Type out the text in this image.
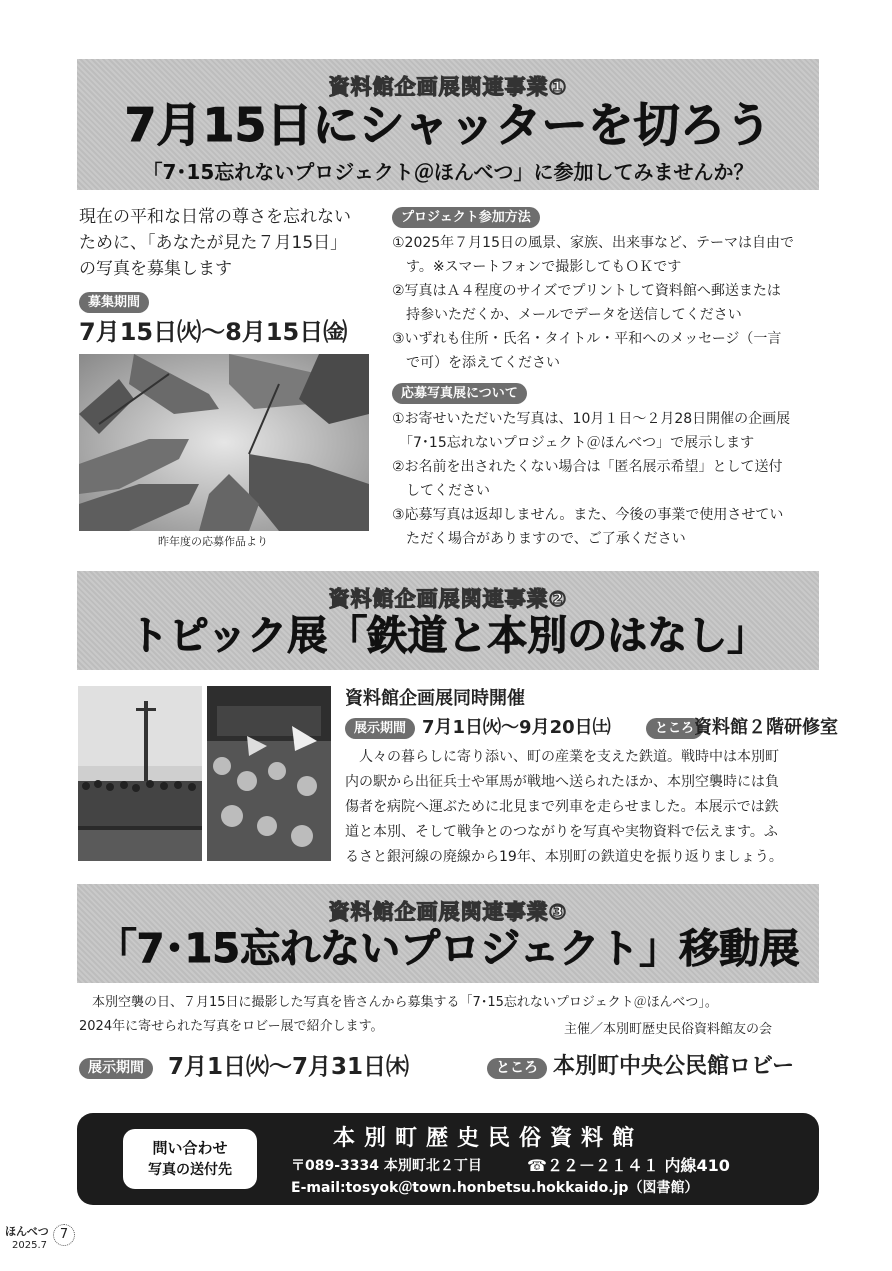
資料館企画展関連事業①
7月15日にシャッターを切ろう
「7･15忘れないプロジェクト＠ほんべつ」に参加してみませんか？
現在の平和な日常の尊さを忘れない
ために、「あなたが見た７月15日」
の写真を募集します
募集期間
7月15日㈫～8月15日㈮
昨年度の応募作品より
プロジェクト参加方法
①2025年７月15日の風景、家族、出来事など、テーマは自由で
　す。※スマートフォンで撮影してもＯＫです
②写真はＡ４程度のサイズでプリントして資料館へ郵送または
　持参いただくか、メールでデータを送信してください
③いずれも住所・氏名・タイトル・平和へのメッセージ（一言
　で可）を添えてください
応募写真展について
①お寄せいただいた写真は、10月１日～２月28日開催の企画展
　「7･15忘れないプロジェクト＠ほんべつ」で展示します
②お名前を出されたくない場合は「匿名展示希望」として送付
　してください
③応募写真は返却しません。また、今後の事業で使用させてい
　ただく場合がありますので、ご了承ください
資料館企画展関連事業②
トピック展「鉄道と本別のはなし」
資料館企画展同時開催
展示期間 7月1日㈫～9月20日㈯	ところ 資料館２階研修室
　人々の暮らしに寄り添い、町の産業を支えた鉄道。戦時中は本別町
内の駅から出征兵士や軍馬が戦地へ送られたほか、本別空襲時には負
傷者を病院へ運ぶために北見まで列車を走らせました。本展示では鉄
道と本別、そして戦争とのつながりを写真や実物資料で伝えます。ふ
るさと銀河線の廃線から19年、本別町の鉄道史を振り返りましょう。
資料館企画展関連事業③
「7･15忘れないプロジェクト」移動展
　本別空襲の日、７月15日に撮影した写真を皆さんから募集する「7･15忘れないプロジェクト＠ほんべつ」。
2024年に寄せられた写真をロビー展で紹介します。	主催／本別町歴史民俗資料館友の会
展示期間	7月1日㈫～7月31日㈭	ところ 本別町中央公民館ロビー
問い合わせ
写真の送付先
本別町歴史民俗資料館
〒089-3334 本別町北２丁目	☎２２－２１４１ 内線410
E-mail:tosyok＠town.honbetsu.hokkaido.jp（図書館）
ほんべつ 7
2025.7
